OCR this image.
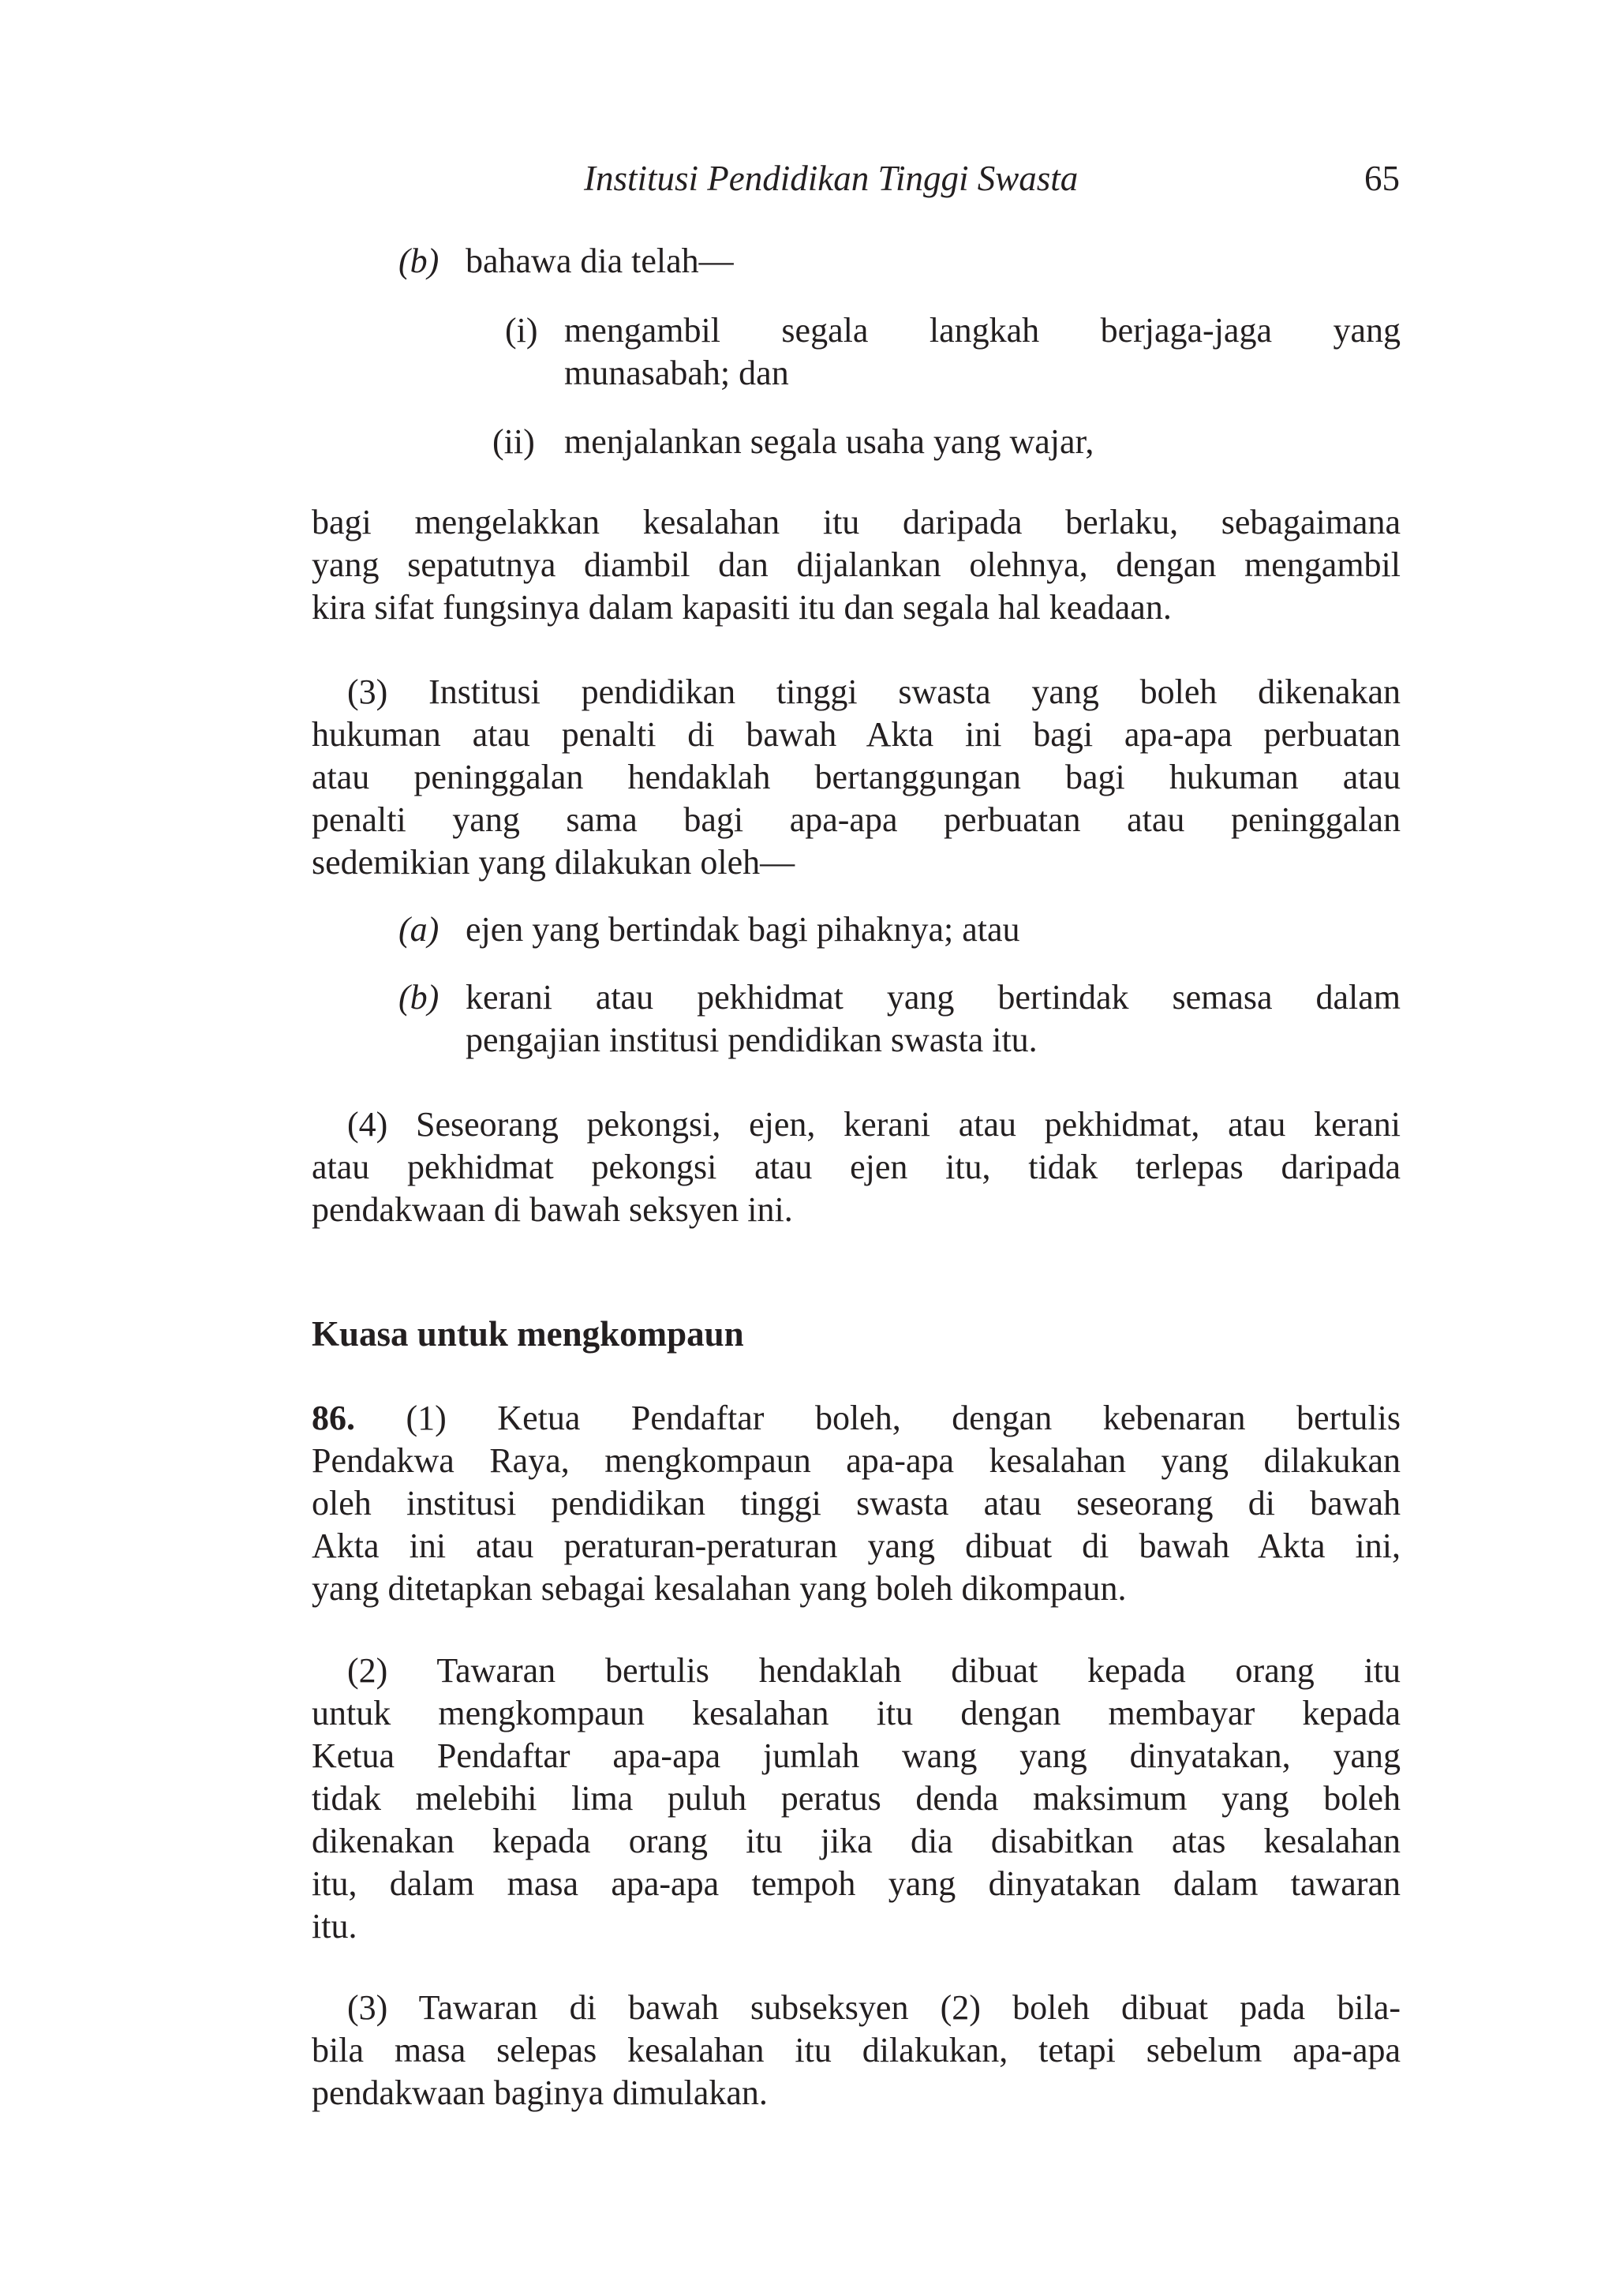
Institusi Pendidikan Tinggi Swasta	65
(b) bahawa dia telah—
(i) mengambil segala langkah berjaga-jaga yang
munasabah; dan
(ii) menjalankan segala usaha yang wajar,
bagi mengelakkan kesalahan itu daripada berlaku, sebagaimana
yang sepatutnya diambil dan dijalankan olehnya, dengan mengambil
kira sifat fungsinya dalam kapasiti itu dan segala hal keadaan.
(3) Institusi pendidikan tinggi swasta yang boleh dikenakan
hukuman atau penalti di bawah Akta ini bagi apa-apa perbuatan
atau peninggalan hendaklah bertanggungan bagi hukuman atau
penalti yang sama bagi apa-apa perbuatan atau peninggalan
sedemikian yang dilakukan oleh—
(a) ejen yang bertindak bagi pihaknya; atau
(b) kerani atau pekhidmat yang bertindak semasa dalam
pengajian institusi pendidikan swasta itu.
(4) Seseorang pekongsi, ejen, kerani atau pekhidmat, atau kerani
atau pekhidmat pekongsi atau ejen itu, tidak terlepas daripada
pendakwaan di bawah seksyen ini.
Kuasa untuk mengkompaun
86. (1) Ketua Pendaftar boleh, dengan kebenaran bertulis
Pendakwa Raya, mengkompaun apa-apa kesalahan yang dilakukan
oleh institusi pendidikan tinggi swasta atau seseorang di bawah
Akta ini atau peraturan-peraturan yang dibuat di bawah Akta ini,
yang ditetapkan sebagai kesalahan yang boleh dikompaun.
(2) Tawaran bertulis hendaklah dibuat kepada orang itu
untuk mengkompaun kesalahan itu dengan membayar kepada
Ketua Pendaftar apa-apa jumlah wang yang dinyatakan, yang
tidak melebihi lima puluh peratus denda maksimum yang boleh
dikenakan kepada orang itu jika dia disabitkan atas kesalahan
itu, dalam masa apa-apa tempoh yang dinyatakan dalam tawaran
itu.
(3) Tawaran di bawah subseksyen (2) boleh dibuat pada bila-
bila masa selepas kesalahan itu dilakukan, tetapi sebelum apa-apa
pendakwaan baginya dimulakan.
